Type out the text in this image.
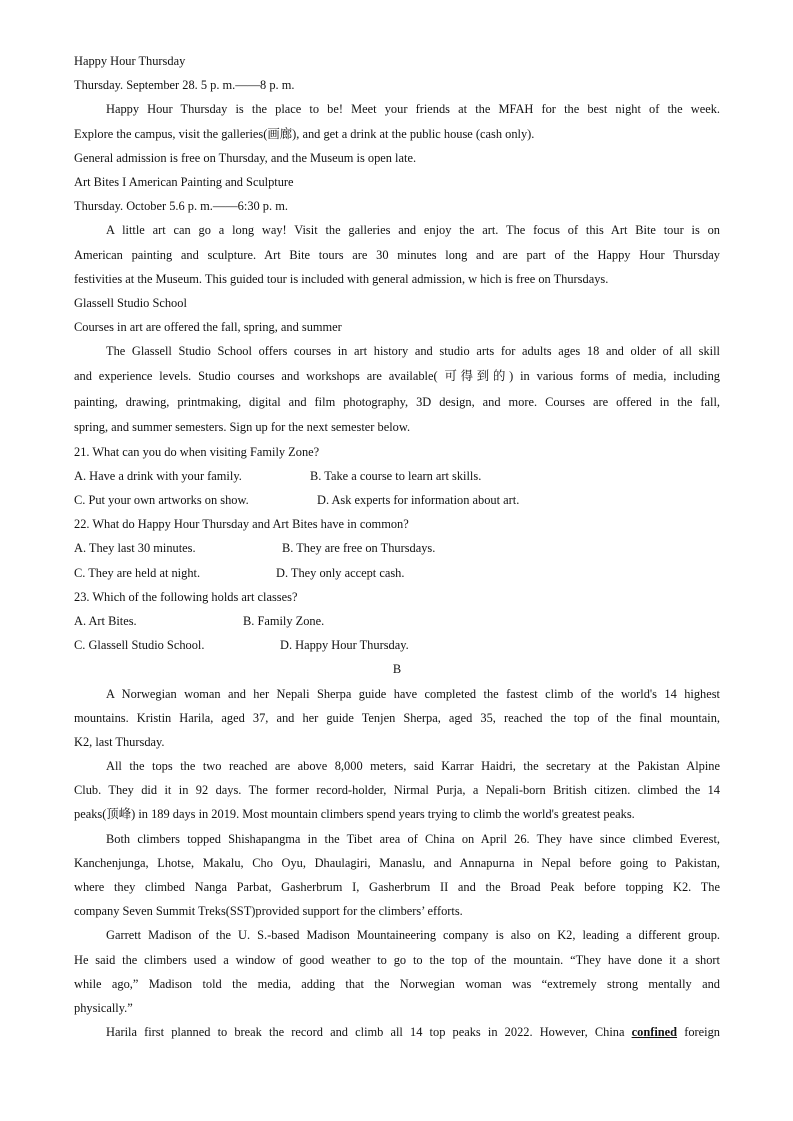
Happy Hour Thursday
Thursday. September 28. 5 p. m.——8 p. m.
Happy Hour Thursday is the place to be! Meet your friends at the MFAH for the best night of the week.
Explore the campus, visit the galleries(画廊), and get a drink at the public house (cash only).
General admission is free on Thursday, and the Museum is open late.
Art Bites I American Painting and Sculpture
Thursday. October 5.6 p. m.——6:30 p. m.
A little art can go a long way! Visit the galleries and enjoy the art. The focus of this Art Bite tour is on
American painting and sculpture. Art Bite tours are 30 minutes long and are part of the Happy Hour Thursday
festivities at the Museum. This guided tour is included with general admission, w hich is free on Thursdays.
Glassell Studio School
Courses in art are offered the fall, spring, and summer
The Glassell Studio School offers courses in art history and studio arts for adults ages 18 and older of all skill
and experience levels. Studio courses and workshops are available( 可得到的) in various forms of media, including
painting, drawing, printmaking, digital and film photography, 3D design, and more. Courses are offered in the fall,
spring, and summer semesters. Sign up for the next semester below.
21. What can you do when visiting Family Zone?
A. Have a drink with your family.	B. Take a course to learn art skills.
C. Put your own artworks on show.	D. Ask experts for information about art.
22. What do Happy Hour Thursday and Art Bites have in common?
A. They last 30 minutes.	B. They are free on Thursdays.
C. They are held at night.	D. They only accept cash.
23. Which of the following holds art classes?
A. Art Bites.	B. Family Zone.
C. Glassell Studio School.	D. Happy Hour Thursday.
B
A Norwegian woman and her Nepali Sherpa guide have completed the fastest climb of the world's 14 highest
mountains. Kristin Harila, aged 37, and her guide Tenjen Sherpa, aged 35, reached the top of the final mountain,
K2, last Thursday.
All the tops the two reached are above 8,000 meters, said Karrar Haidri, the secretary at the Pakistan Alpine
Club. They did it in 92 days. The former record-holder, Nirmal Purja, a Nepali-born British citizen. climbed the 14
peaks(顶峰) in 189 days in 2019. Most mountain climbers spend years trying to climb the world's greatest peaks.
Both climbers topped Shishapangma in the Tibet area of China on April 26. They have since climbed Everest,
Kanchenjunga, Lhotse, Makalu, Cho Oyu, Dhaulagiri, Manaslu, and Annapurna in Nepal before going to Pakistan,
where they climbed Nanga Parbat, Gasherbrum I, Gasherbrum II and the Broad Peak before topping K2. The
company Seven Summit Treks(SST)provided support for the climbers’ efforts.
Garrett Madison of the U. S.-based Madison Mountaineering company is also on K2, leading a different group.
He said the climbers used a window of good weather to go to the top of the mountain. “They have done it a short
while ago,” Madison told the media, adding that the Norwegian woman was “extremely strong mentally and
physically.”
Harila first planned to break the record and climb all 14 top peaks in 2022. However, China confined foreign
